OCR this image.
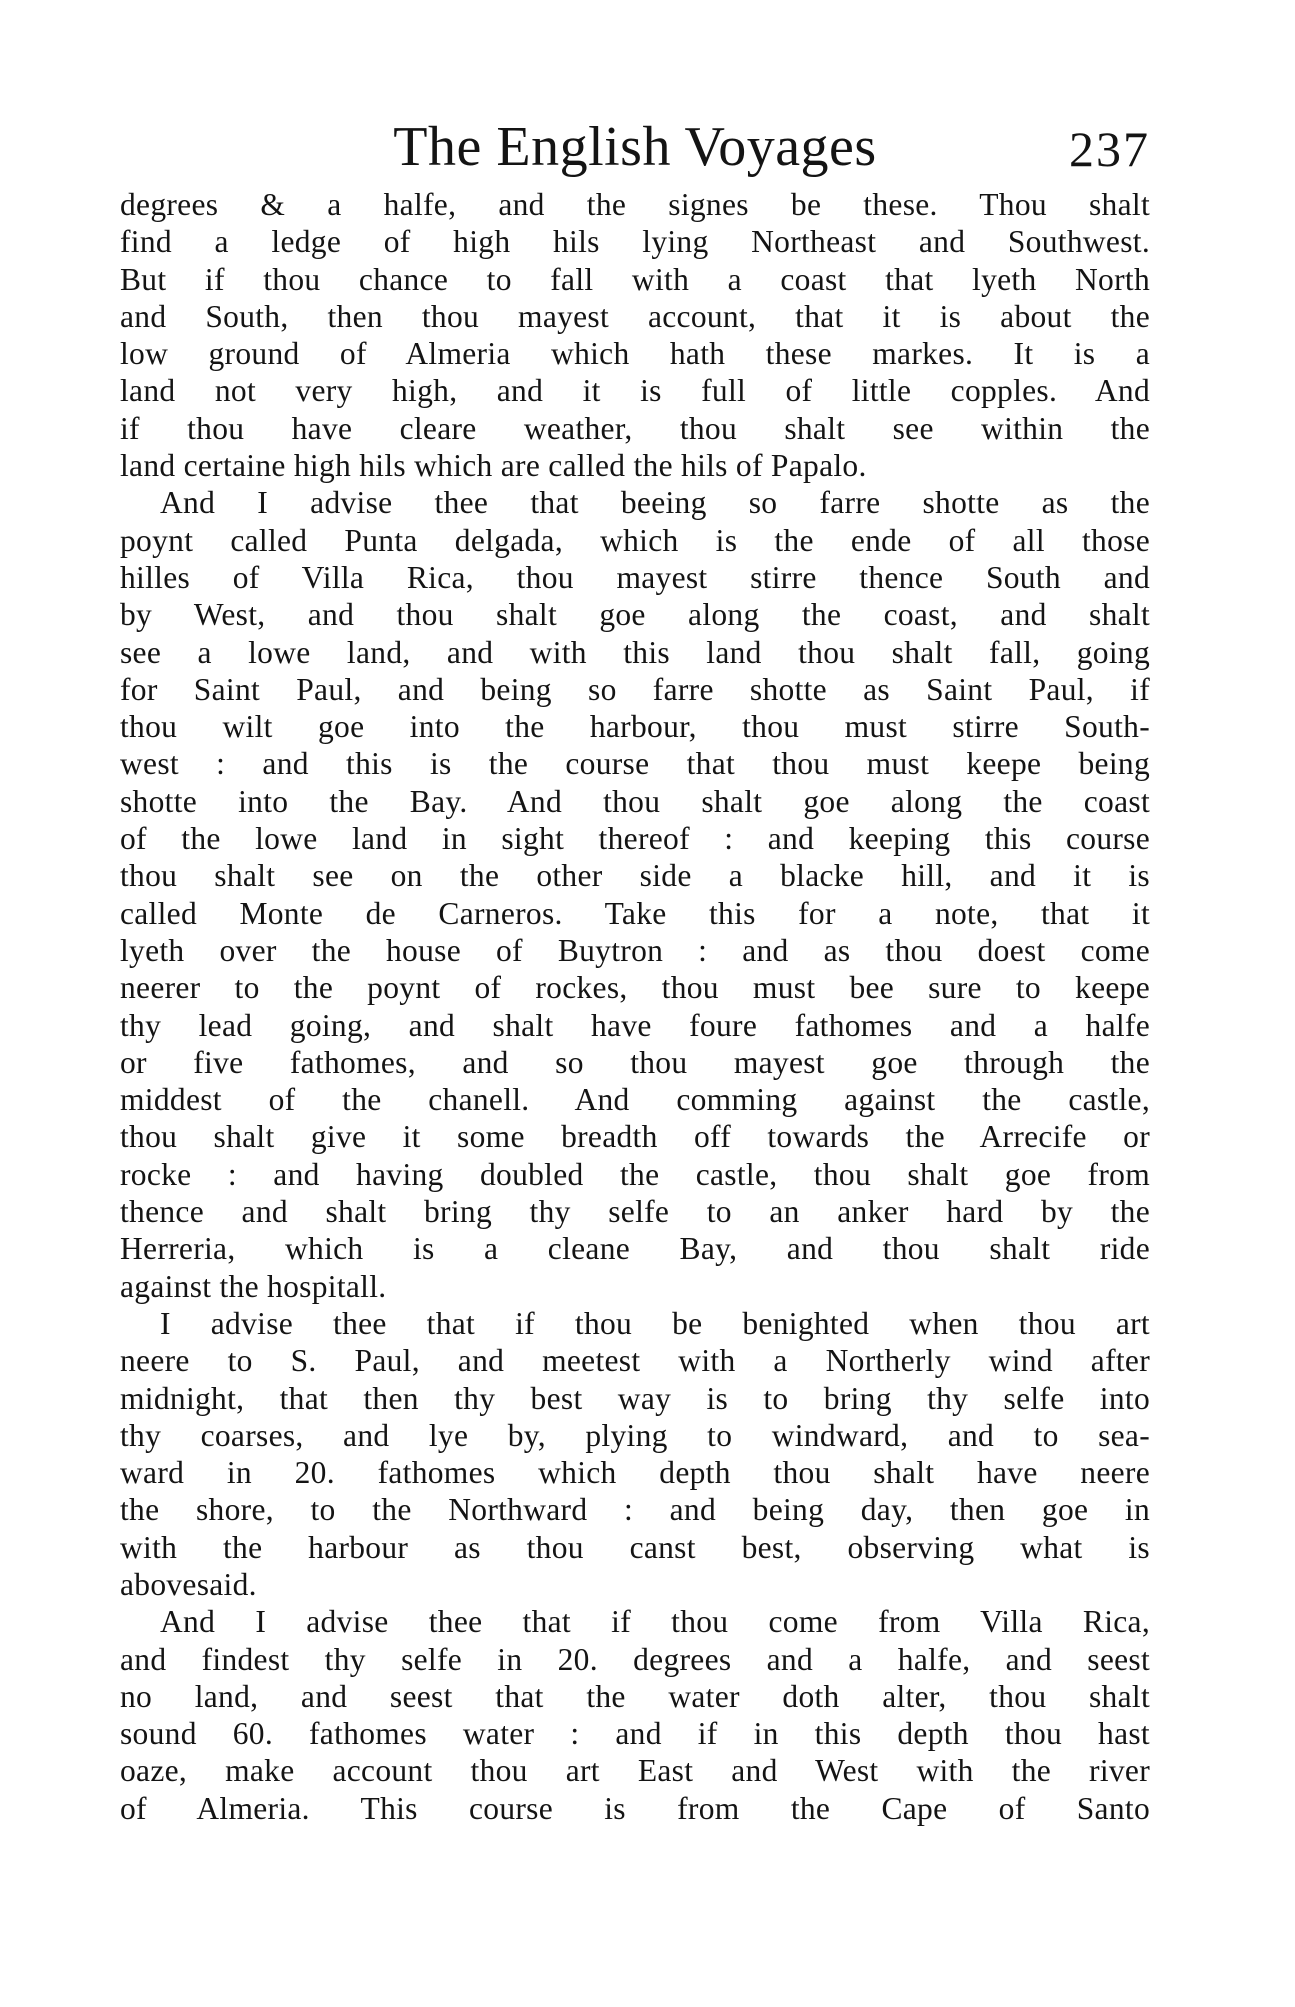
The English Voyages	237
degrees & a halfe, and the signes be these. Thou shalt
find a ledge of high hils lying Northeast and Southwest.
But if thou chance to fall with a coast that lyeth North
and South, then thou mayest account, that it is about the
low ground of Almeria which hath these markes. It is a
land not very high, and it is full of little copples. And
if thou have cleare weather, thou shalt see within the
land certaine high hils which are called the hils of Papalo.
And I advise thee that beeing so farre shotte as the
poynt called Punta delgada, which is the ende of all those
hilles of Villa Rica, thou mayest stirre thence South and
by West, and thou shalt goe along the coast, and shalt
see a lowe land, and with this land thou shalt fall, going
for Saint Paul, and being so farre shotte as Saint Paul, if
thou wilt goe into the harbour, thou must stirre South-
west : and this is the course that thou must keepe being
shotte into the Bay. And thou shalt goe along the coast
of the lowe land in sight thereof : and keeping this course
thou shalt see on the other side a blacke hill, and it is
called Monte de Carneros. Take this for a note, that it
lyeth over the house of Buytron : and as thou doest come
neerer to the poynt of rockes, thou must bee sure to keepe
thy lead going, and shalt have foure fathomes and a halfe
or five fathomes, and so thou mayest goe through the
middest of the chanell. And comming against the castle,
thou shalt give it some breadth off towards the Arrecife or
rocke : and having doubled the castle, thou shalt goe from
thence and shalt bring thy selfe to an anker hard by the
Herreria, which is a cleane Bay, and thou shalt ride
against the hospitall.
I advise thee that if thou be benighted when thou art
neere to S. Paul, and meetest with a Northerly wind after
midnight, that then thy best way is to bring thy selfe into
thy coarses, and lye by, plying to windward, and to sea-
ward in 20. fathomes which depth thou shalt have neere
the shore, to the Northward : and being day, then goe in
with the harbour as thou canst best, observing what is
abovesaid.
And I advise thee that if thou come from Villa Rica,
and findest thy selfe in 20. degrees and a halfe, and seest
no land, and seest that the water doth alter, thou shalt
sound 60. fathomes water : and if in this depth thou hast
oaze, make account thou art East and West with the river
of Almeria. This course is from the Cape of Santo
